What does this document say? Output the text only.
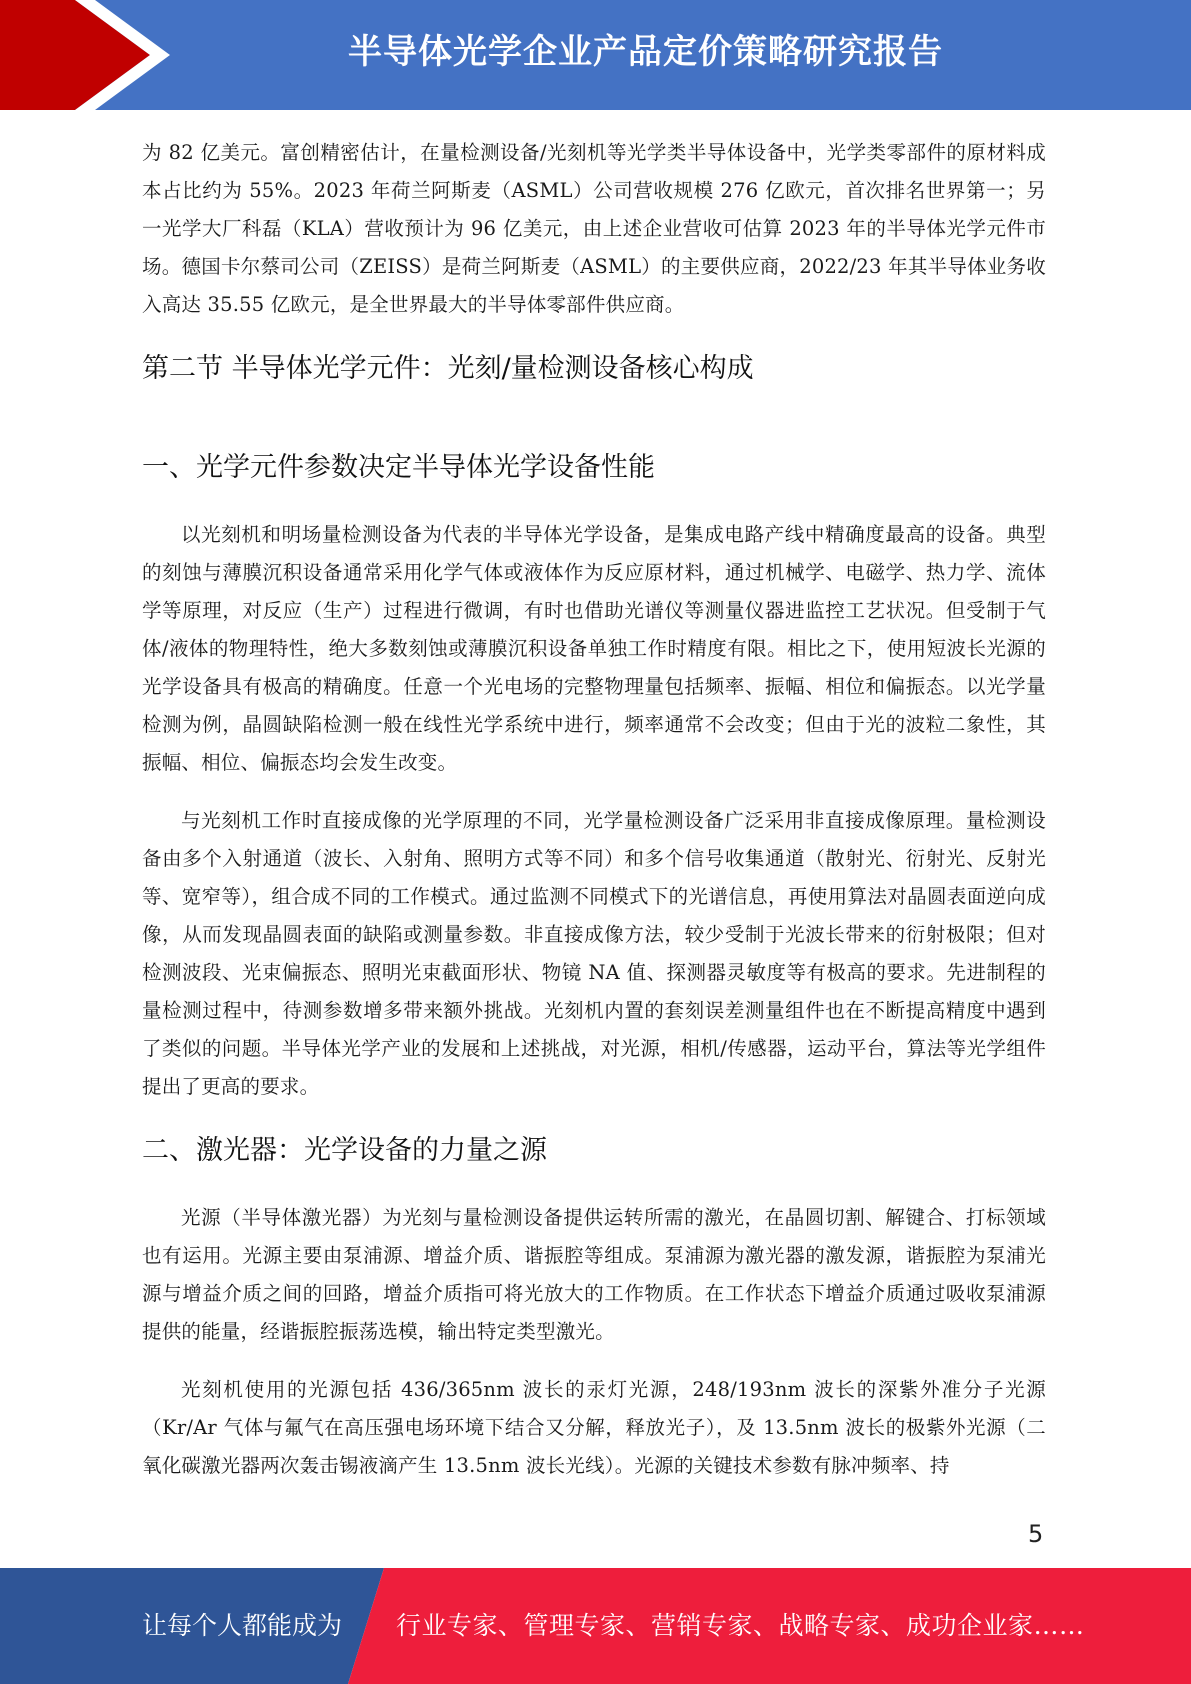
半导体光学企业产品定价策略研究报告

为 82 亿美元。富创精密估计，在量检测设备/光刻机等光学类半导体设备中，光学类零部件的原材料成本占比约为 55%。2023 年荷兰阿斯麦（ASML）公司营收规模 276 亿欧元，首次排名世界第一；另一光学大厂科磊（KLA）营收预计为 96 亿美元，由上述企业营收可估算 2023 年的半导体光学元件市场。德国卡尔蔡司公司（ZEISS）是荷兰阿斯麦（ASML）的主要供应商，2022/23 年其半导体业务收入高达 35.55 亿欧元，是全世界最大的半导体零部件供应商。

第二节 半导体光学元件：光刻/量检测设备核心构成
一、光学元件参数决定半导体光学设备性能

以光刻机和明场量检测设备为代表的半导体光学设备，是集成电路产线中精确度最高的设备。典型的刻蚀与薄膜沉积设备通常采用化学气体或液体作为反应原材料，通过机械学、电磁学、热力学、流体学等原理，对反应（生产）过程进行微调，有时也借助光谱仪等测量仪器进监控工艺状况。但受制于气体/液体的物理特性，绝大多数刻蚀或薄膜沉积设备单独工作时精度有限。相比之下，使用短波长光源的光学设备具有极高的精确度。任意一个光电场的完整物理量包括频率、振幅、相位和偏振态。以光学量检测为例，晶圆缺陷检测一般在线性光学系统中进行，频率通常不会改变；但由于光的波粒二象性，其振幅、相位、偏振态均会发生改变。

与光刻机工作时直接成像的光学原理的不同，光学量检测设备广泛采用非直接成像原理。量检测设备由多个入射通道（波长、入射角、照明方式等不同）和多个信号收集通道（散射光、衍射光、反射光等、宽窄等），组合成不同的工作模式。通过监测不同模式下的光谱信息，再使用算法对晶圆表面逆向成像，从而发现晶圆表面的缺陷或测量参数。非直接成像方法，较少受制于光波长带来的衍射极限；但对检测波段、光束偏振态、照明光束截面形状、物镜 NA 值、探测器灵敏度等有极高的要求。先进制程的量检测过程中，待测参数增多带来额外挑战。光刻机内置的套刻误差测量组件也在不断提高精度中遇到了类似的问题。半导体光学产业的发展和上述挑战，对光源，相机/传感器，运动平台，算法等光学组件提出了更高的要求。

二、激光器：光学设备的力量之源

光源（半导体激光器）为光刻与量检测设备提供运转所需的激光，在晶圆切割、解键合、打标领域也有运用。光源主要由泵浦源、增益介质、谐振腔等组成。泵浦源为激光器的激发源，谐振腔为泵浦光源与增益介质之间的回路，增益介质指可将光放大的工作物质。在工作状态下增益介质通过吸收泵浦源提供的能量，经谐振腔振荡选模，输出特定类型激光。

光刻机使用的光源包括 436/365nm 波长的汞灯光源，248/193nm 波长的深紫外准分子光源（Kr/Ar 气体与氟气在高压强电场环境下结合又分解，释放光子），及 13.5nm 波长的极紫外光源（二氧化碳激光器两次轰击锡液滴产生 13.5nm 波长光线）。光源的关键技术参数有脉冲频率、持

5
让每个人都能成为 行业专家、管理专家、营销专家、战略专家、成功企业家……
